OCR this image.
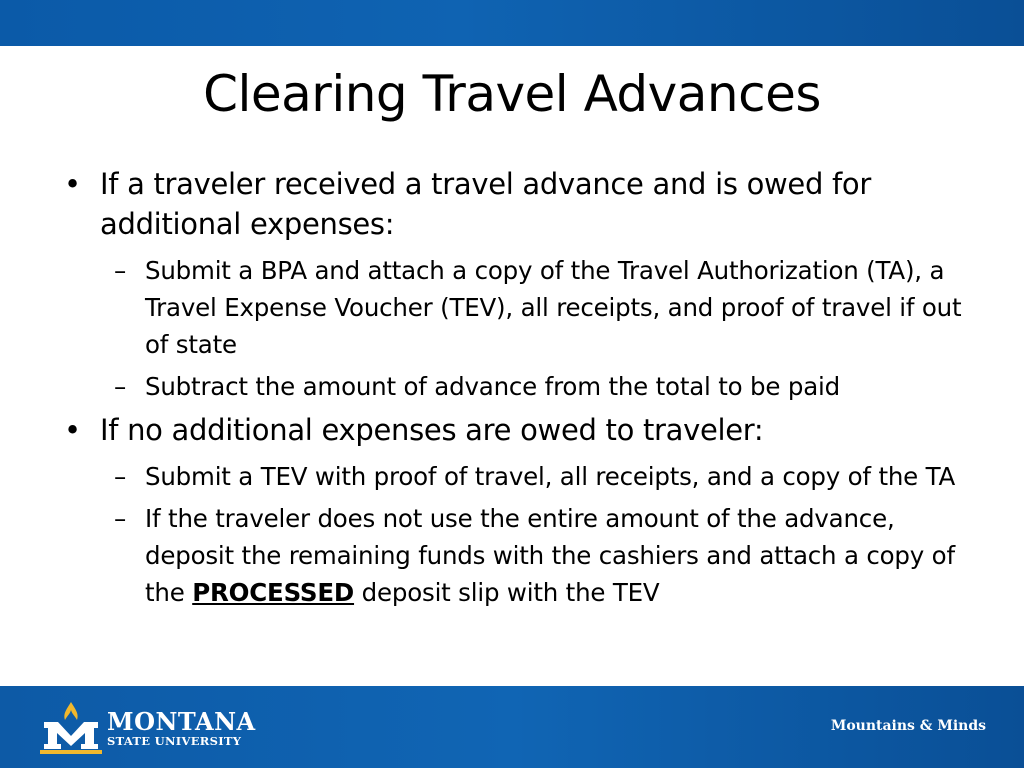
Clearing Travel Advances
• If a traveler received a travel advance and is owed for additional expenses:
– Submit a BPA and attach a copy of the Travel Authorization (TA), a Travel Expense Voucher (TEV), all receipts, and proof of travel if out of state
– Subtract the amount of advance from the total to be paid
• If no additional expenses are owed to traveler:
– Submit a TEV with proof of travel, all receipts, and a copy of the TA
– If the traveler does not use the entire amount of the advance, deposit the remaining funds with the cashiers and attach a copy of the PROCESSED deposit slip with the TEV
MONTANA
STATE UNIVERSITY
Mountains & Minds
